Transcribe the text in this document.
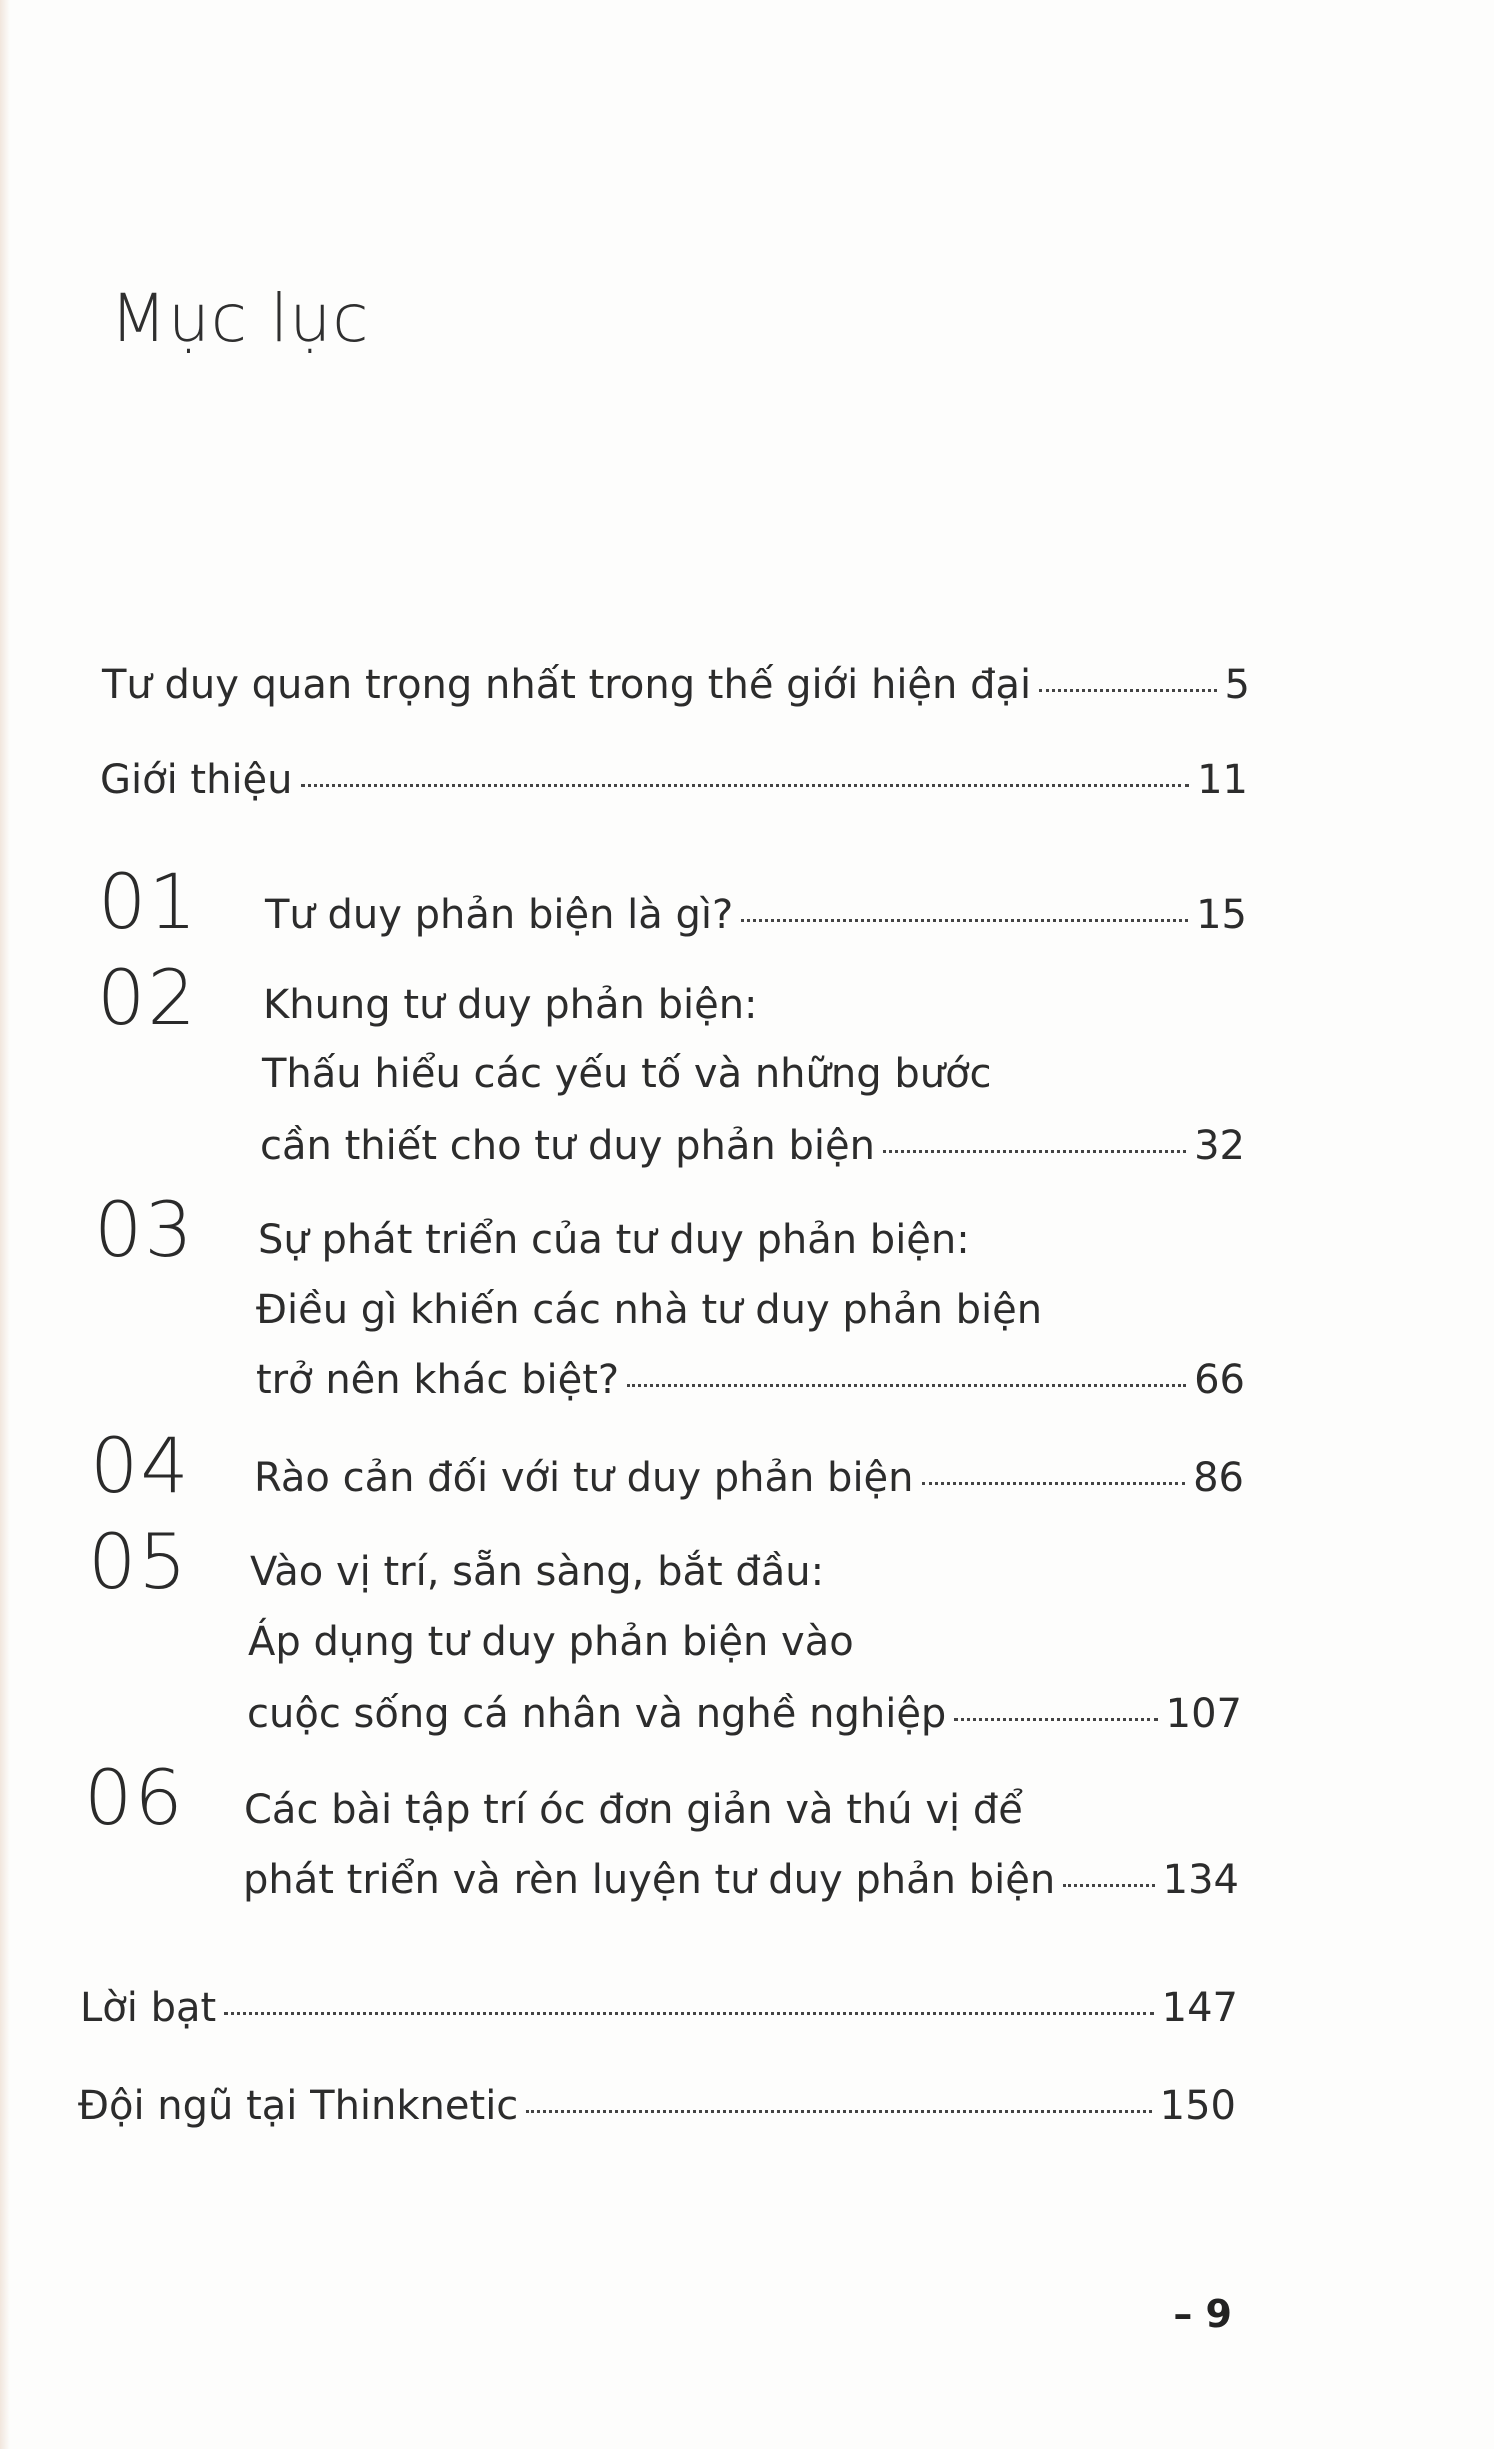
Mục lục
Tư duy quan trọng nhất trong thế giới hiện đại	5
Giới thiệu	11
01 Tư duy phản biện là gì?	15
02 Khung tư duy phản biện:
Thấu hiểu các yếu tố và những bước
cần thiết cho tư duy phản biện	32
03 Sự phát triển của tư duy phản biện:
Điều gì khiến các nhà tư duy phản biện
trở nên khác biệt?	66
04 Rào cản đối với tư duy phản biện	86
05 Vào vị trí, sẵn sàng, bắt đầu:
Áp dụng tư duy phản biện vào
cuộc sống cá nhân và nghề nghiệp	107
06 Các bài tập trí óc đơn giản và thú vị để
phát triển và rèn luyện tư duy phản biện	134
Lời bạt	147
Đội ngũ tại Thinknetic	150
– 9
